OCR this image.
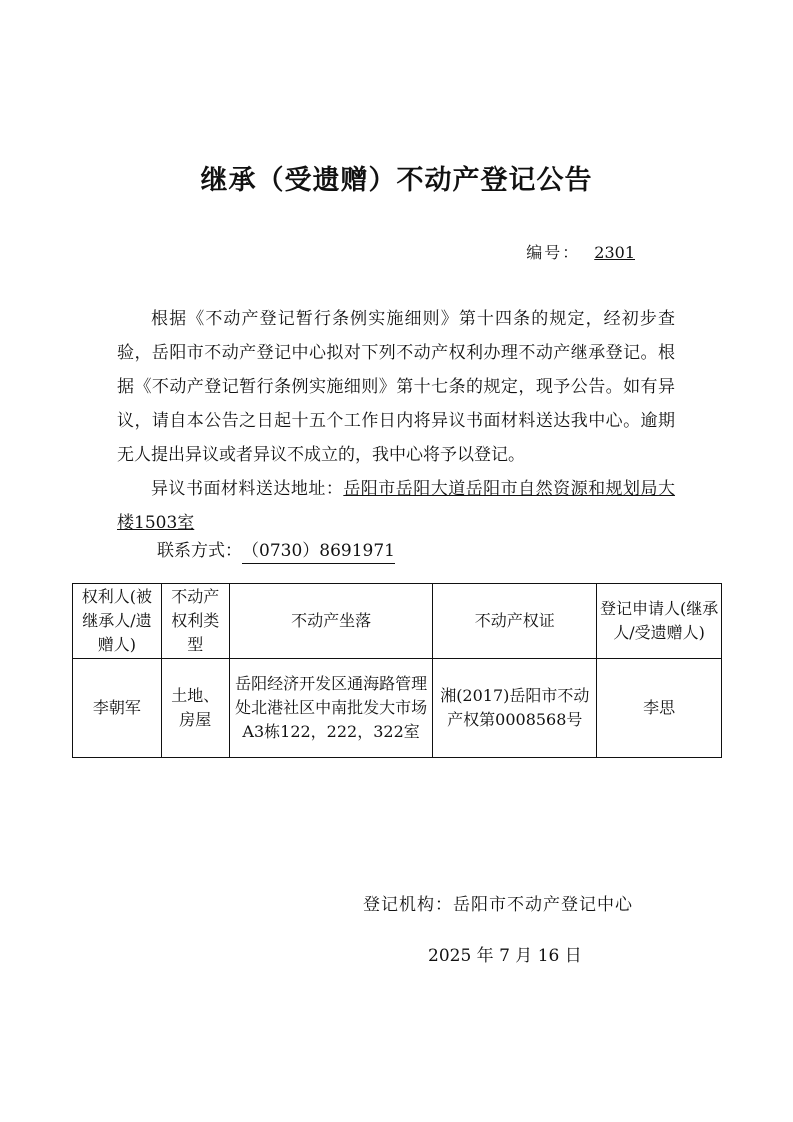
继承（受遗赠）不动产登记公告
编号： 2301

根据《不动产登记暂行条例实施细则》第十四条的规定，经初步查验，岳阳市不动产登记中心拟对下列不动产权利办理不动产继承登记。根据《不动产登记暂行条例实施细则》第十七条的规定，现予公告。如有异议，请自本公告之日起十五个工作日内将异议书面材料送达我中心。逾期无人提出异议或者异议不成立的，我中心将予以登记。

异议书面材料送达地址：岳阳市岳阳大道岳阳市自然资源和规划局大楼1503室

联系方式：（0730）8691971
权利人(被继承人/遗赠人)	不动产权利类型	不动产坐落	不动产权证	登记申请人(继承人/受遗赠人)
李朝军	土地、房屋	岳阳经济开发区通海路管理处北港社区中南批发大市场A3栋122，222，322室	湘(2017)岳阳市不动产权第0008568号	李思
登记机构：岳阳市不动产登记中心
2025 年 7 月 16 日
